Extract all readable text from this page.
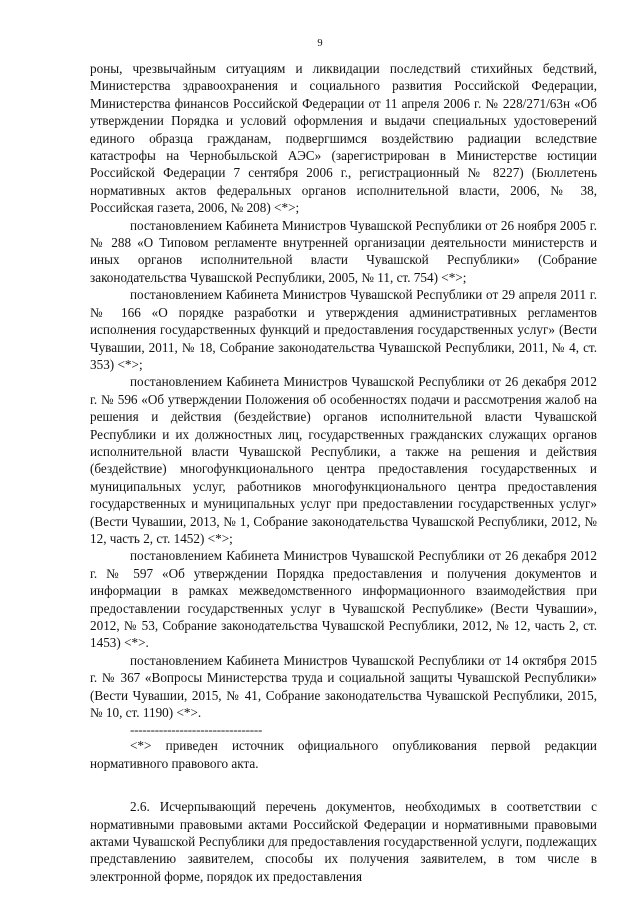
9

роны, чрезвычайным ситуациям и ликвидации последствий стихийных бедствий, Министерства здравоохранения и социального развития Российской Федерации, Министерства финансов Российской Федерации от 11 апреля 2006 г. № 228/271/63н «Об утверждении Порядка и условий оформления и выдачи специальных удостоверений единого образца гражданам, подвергшимся воздействию радиации вследствие катастрофы на Чернобыльской АЭС» (зарегистрирован в Министерстве юстиции Российской Федерации 7 сентября 2006 г., регистрационный № 8227) (Бюллетень нормативных актов федеральных органов исполнительной власти, 2006, № 38, Российская газета, 2006, № 208) <*>;

постановлением Кабинета Министров Чувашской Республики от 26 ноября 2005 г. № 288 «О Типовом регламенте внутренней организации деятельности министерств и иных органов исполнительной власти Чувашской Республики» (Собрание законодательства Чувашской Республики, 2005, № 11, ст. 754) <*>;

постановлением Кабинета Министров Чувашской Республики от 29 апреля 2011 г. № 166 «О порядке разработки и утверждения административных регламентов исполнения государственных функций и предоставления государственных услуг» (Вести Чувашии, 2011, № 18, Собрание законодательства Чувашской Республики, 2011, № 4, ст. 353) <*>;

постановлением Кабинета Министров Чувашской Республики от 26 декабря 2012 г. № 596 «Об утверждении Положения об особенностях подачи и рассмотрения жалоб на решения и действия (бездействие) органов исполнительной власти Чувашской Республики и их должностных лиц, государственных гражданских служащих органов исполнительной власти Чувашской Республики, а также на решения и действия (бездействие) многофункционального центра предоставления государственных и муниципальных услуг, работников многофункционального центра предоставления государственных и муниципальных услуг при предоставлении государственных услуг» (Вести Чувашии, 2013, № 1, Собрание законодательства Чувашской Республики, 2012, № 12, часть 2, ст. 1452) <*>;

постановлением Кабинета Министров Чувашской Республики от 26 декабря 2012 г. № 597 «Об утверждении Порядка предоставления и получения документов и информации в рамках межведомственного информационного взаимодействия при предоставлении государственных услуг в Чувашской Республике» (Вести Чувашии», 2012, № 53, Собрание законодательства Чувашской Республики, 2012, № 12, часть 2, ст. 1453) <*>.

постановлением Кабинета Министров Чувашской Республики от 14 октября 2015 г. № 367 «Вопросы Министерства труда и социальной защиты Чувашской Республики» (Вести Чувашии, 2015, № 41, Собрание законодательства Чувашской Республики, 2015, № 10, ст. 1190) <*>.

--------------------------------

<*> приведен источник официального опубликования первой редакции нормативного правового акта.

2.6. Исчерпывающий перечень документов, необходимых в соответствии с нормативными правовыми актами Российской Федерации и нормативными правовыми актами Чувашской Республики для предоставления государственной услуги, подлежащих представлению заявителем, способы их получения заявителем, в том числе в электронной форме, порядок их предоставления
